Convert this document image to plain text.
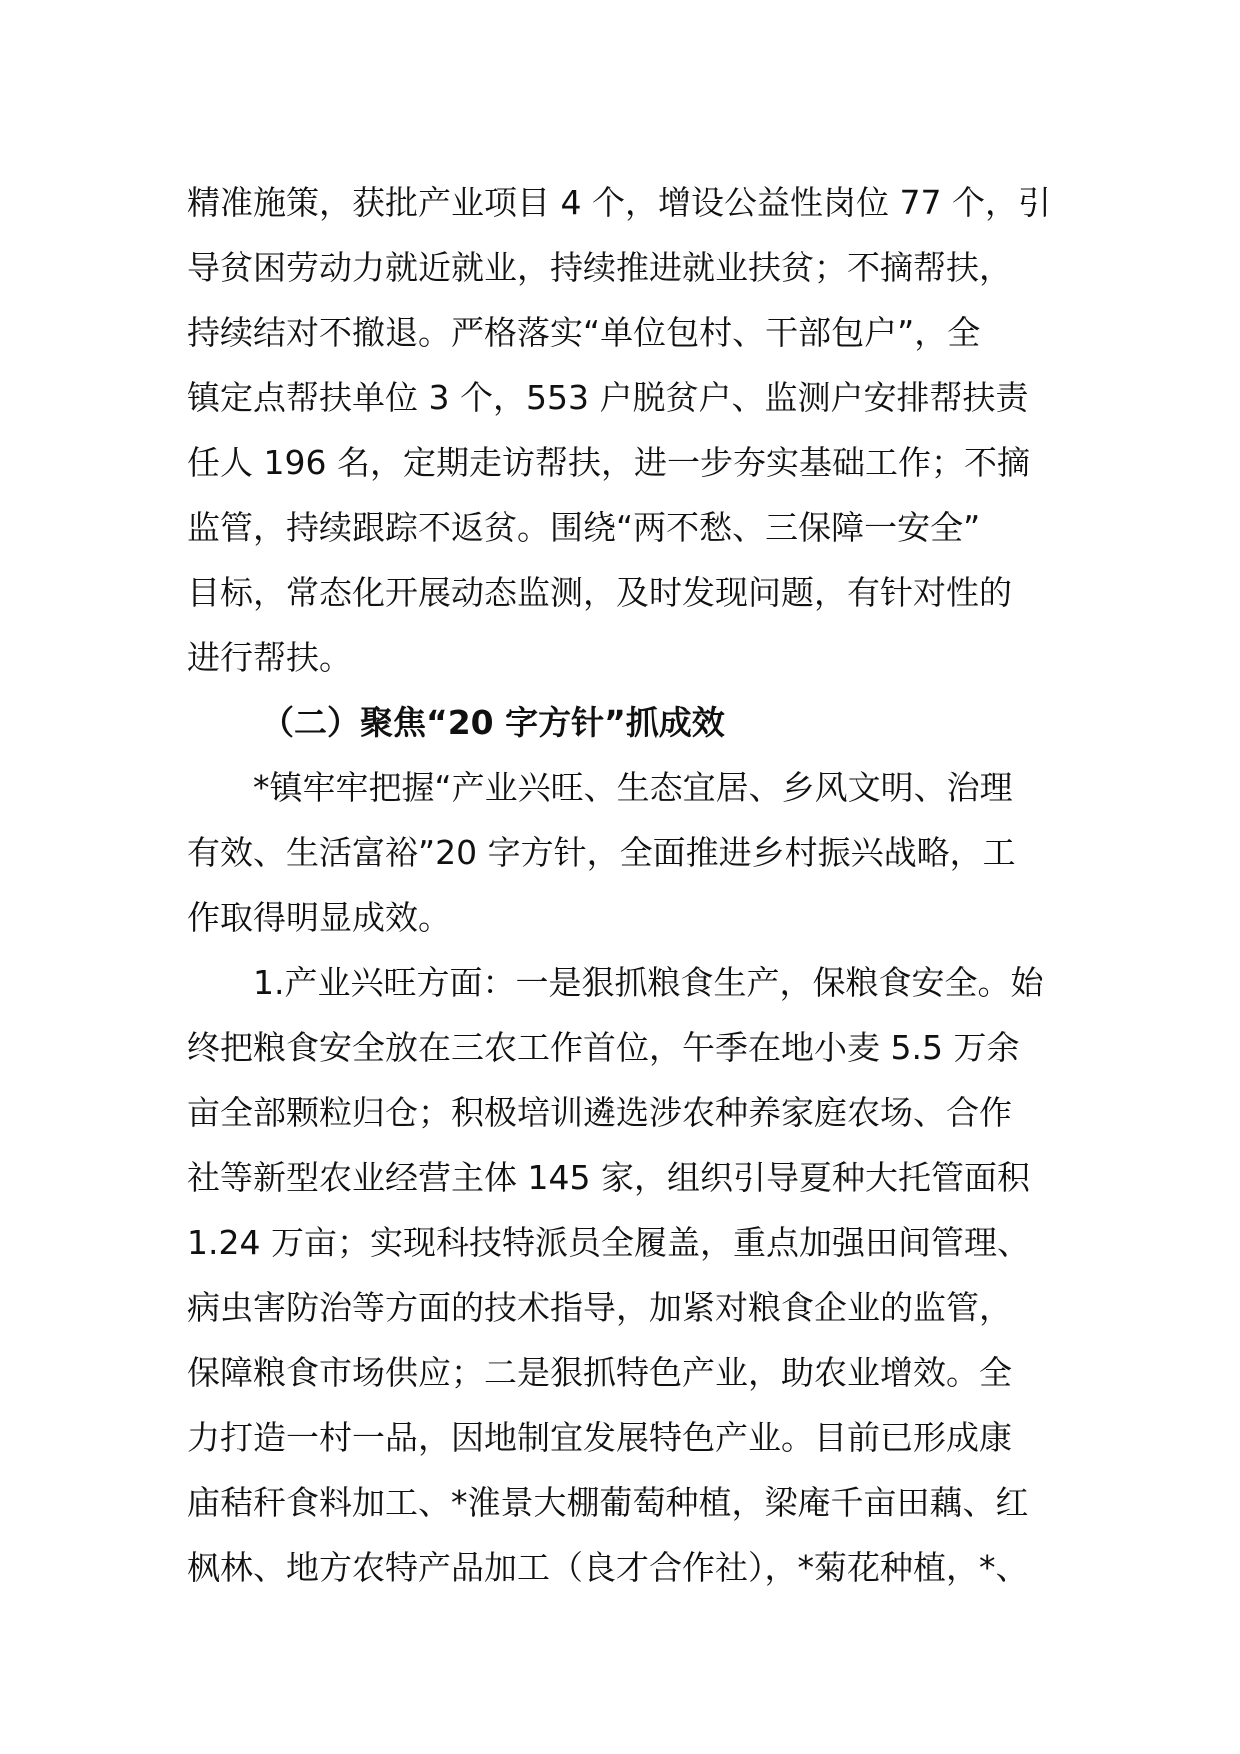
精准施策，获批产业项目 4 个，增设公益性岗位 77 个，引
导贫困劳动力就近就业，持续推进就业扶贫；不摘帮扶，
持续结对不撤退。严格落实“单位包村、干部包户”，全
镇定点帮扶单位 3 个，553 户脱贫户、监测户安排帮扶责
任人 196 名，定期走访帮扶，进一步夯实基础工作；不摘
监管，持续跟踪不返贫。围绕“两不愁、三保障一安全”
目标，常态化开展动态监测，及时发现问题，有针对性的
进行帮扶。
（二）聚焦“20 字方针”抓成效
*镇牢牢把握“产业兴旺、生态宜居、乡风文明、治理
有效、生活富裕”20 字方针，全面推进乡村振兴战略，工
作取得明显成效。
1.产业兴旺方面：一是狠抓粮食生产，保粮食安全。始
终把粮食安全放在三农工作首位，午季在地小麦 5.5 万余
亩全部颗粒归仓；积极培训遴选涉农种养家庭农场、合作
社等新型农业经营主体 145 家，组织引导夏种大托管面积
1.24 万亩；实现科技特派员全履盖，重点加强田间管理、
病虫害防治等方面的技术指导，加紧对粮食企业的监管，
保障粮食市场供应；二是狠抓特色产业，助农业增效。全
力打造一村一品，因地制宜发展特色产业。目前已形成康
庙秸秆食料加工、*淮景大棚葡萄种植，梁庵千亩田藕、红
枫林、地方农特产品加工（良才合作社），*菊花种植，*、
